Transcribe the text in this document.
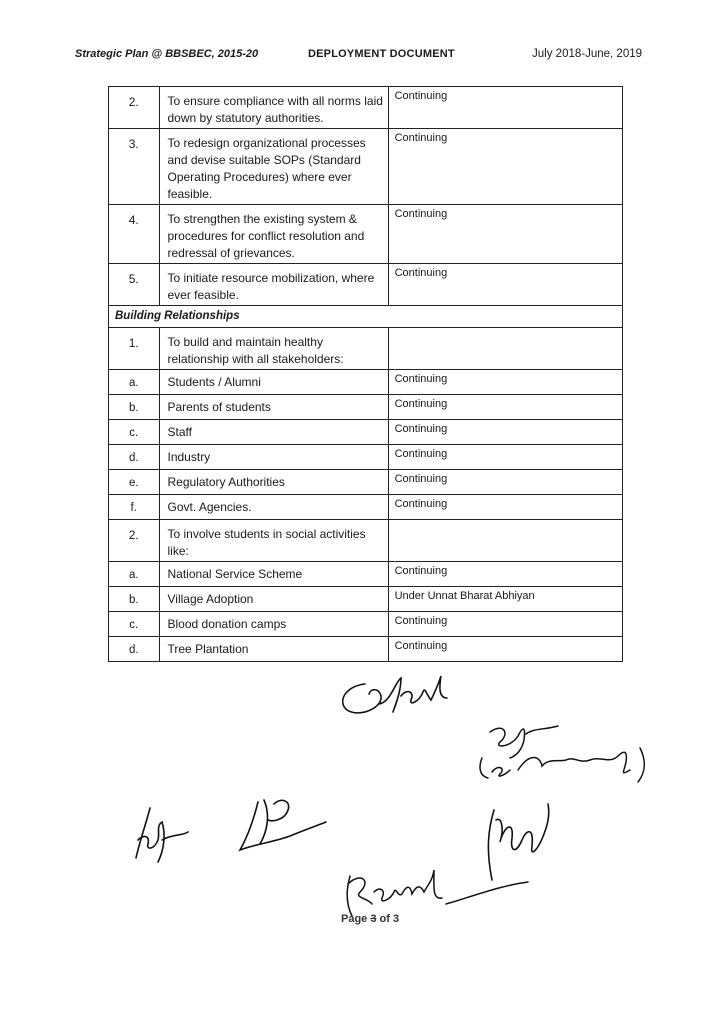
Strategic Plan @ BBSBEC, 2015-20	DEPLOYMENT DOCUMENT	July 2018-June, 2019
2.	To ensure compliance with all norms laid down by statutory authorities.	Continuing
3.	To redesign organizational processes and devise suitable SOPs (Standard Operating Procedures) where ever feasible.	Continuing
4.	To strengthen the existing system & procedures for conflict resolution and redressal of grievances.	Continuing
5.	To initiate resource mobilization, where ever feasible.	Continuing
Building Relationships		
1.	To build and maintain healthy relationship with all stakeholders:	
a.	Students / Alumni	Continuing
b.	Parents of students	Continuing
c.	Staff	Continuing
d.	Industry	Continuing
e.	Regulatory Authorities	Continuing
f.	Govt. Agencies.	Continuing
2.	To involve students in social activities like:	
a.	National Service Scheme	Continuing
b.	Village Adoption	Under Unnat Bharat Abhiyan
c.	Blood donation camps	Continuing
d.	Tree Plantation	Continuing
Page 3 of 3
